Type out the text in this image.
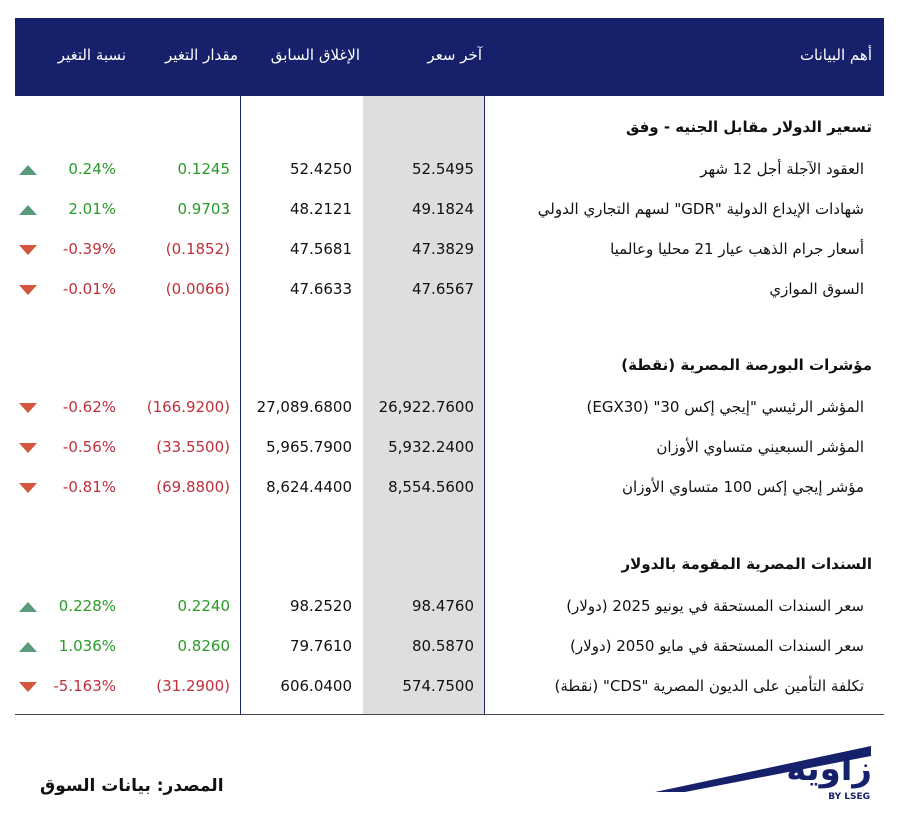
أهم البيانات
آخر سعر
الإغلاق السابق
مقدار التغير
نسبة التغير
تسعير الدولار مقابل الجنيه - وفق
العقود الآجلة أجل 12 شهر
52.5495
52.4250
0.1245
0.24%
شهادات الإيداع الدولية "GDR" لسهم التجاري الدولي
49.1824
48.2121
0.9703
2.01%
أسعار جرام الذهب عيار 21 محليا وعالميا
47.3829
47.5681
(0.1852)
-0.39%
السوق الموازي
47.6567
47.6633
(0.0066)
-0.01%
مؤشرات البورصة المصرية (نقطة)
المؤشر الرئيسي "إيجي إكس 30" (EGX30)
26,922.7600
27,089.6800
(166.9200)
-0.62%
المؤشر السبعيني متساوي الأوزان
5,932.2400
5,965.7900
(33.5500)
-0.56%
مؤشر إيجي إكس 100 متساوي الأوزان
8,554.5600
8,624.4400
(69.8800)
-0.81%
السندات المصرية المقومة بالدولار
سعر السندات المستحقة في يونيو 2025 (دولار)
98.4760
98.2520
0.2240
0.228%
سعر السندات المستحقة في مايو 2050 (دولار)
80.5870
79.7610
0.8260
1.036%
تكلفة التأمين على الديون المصرية "CDS" (نقطة)
574.7500
606.0400
(31.2900)
-5.163%
المصدر: بيانات السوق	زاوية
BY LSEG
